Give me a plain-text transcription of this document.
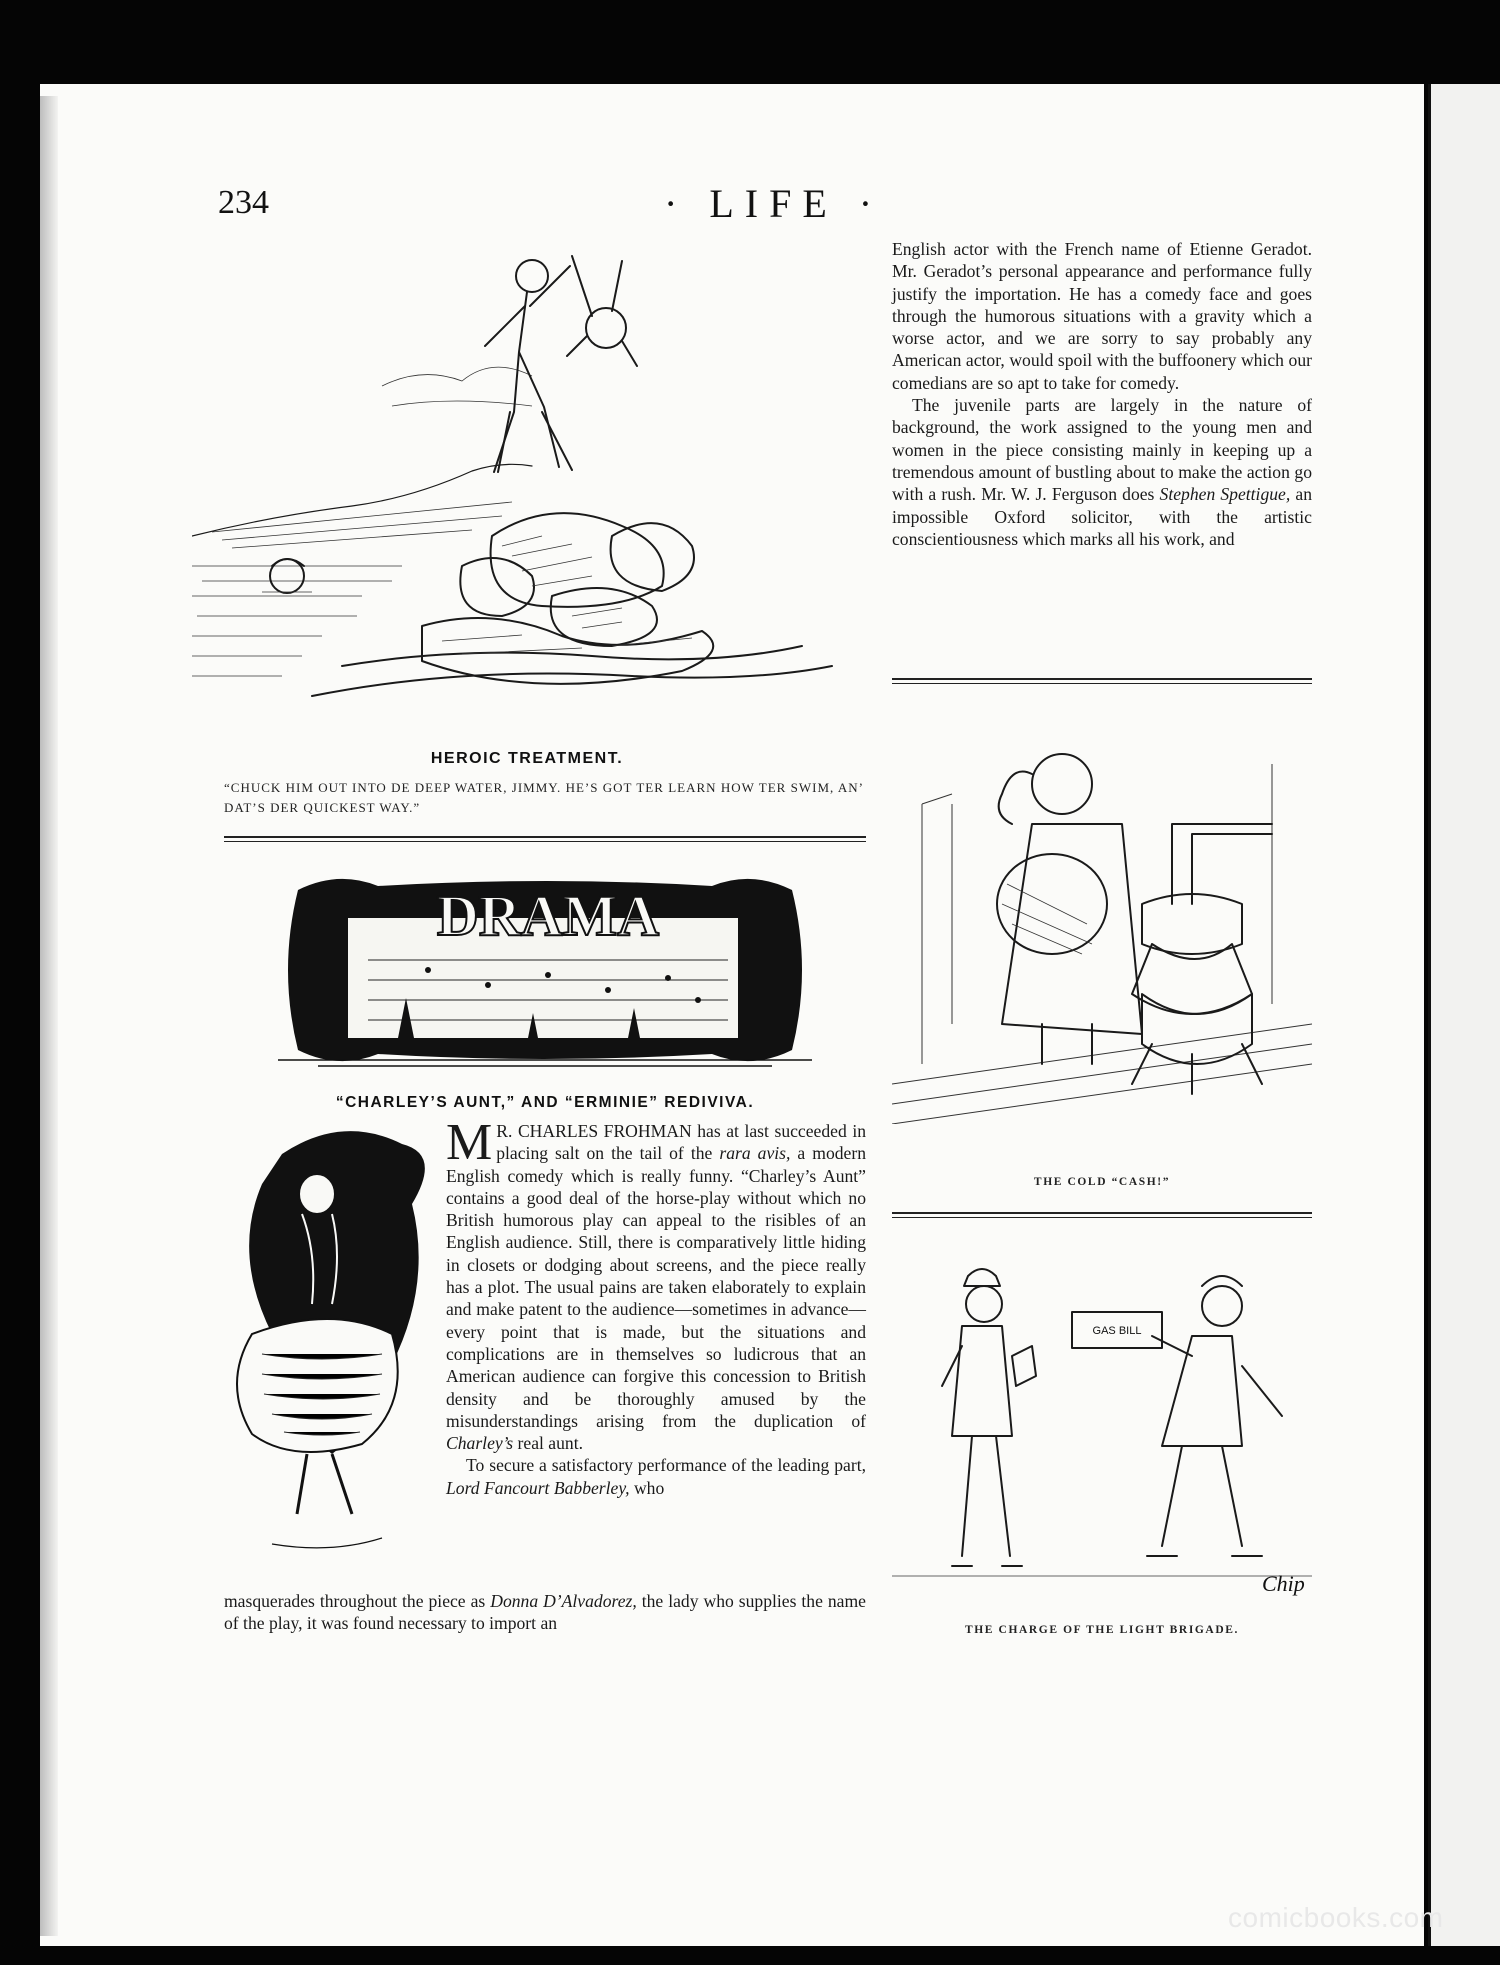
234	· LIFE ·
HEROIC TREATMENT.
“CHUCK HIM OUT INTO DE DEEP WATER, JIMMY. HE’S GOT TER LEARN HOW TER SWIM, AN’ DAT’S DER QUICKEST WAY.”
DRAMA
“CHARLEY’S AUNT,” AND “ERMINIE” REDIVIVA.

M R. CHARLES FROHMAN has at last succeeded in placing salt on the tail of the rara avis, a modern English comedy which is really funny. “Charley’s Aunt” contains a good deal of the horse-play without which no British humorous play can appeal to the risibles of an English audience. Still, there is comparatively little hiding in closets or dodging about screens, and the piece really has a plot. The usual pains are taken elaborately to explain and make patent to the audience—sometimes in advance—every point that is made, but the situations and complications are in themselves so ludicrous that an American audience can forgive this concession to British density and be thoroughly amused by the misunderstandings arising from the duplication of Charley’s real aunt.

To secure a satisfactory performance of the leading part, Lord Fancourt Babberley, who

masquerades throughout the piece as Donna D’Alvadorez, the lady who supplies the name of the play, it was found necessary to import an

English actor with the French name of Etienne Geradot. Mr. Geradot’s personal appearance and performance fully justify the importation. He has a comedy face and goes through the humorous situations with a gravity which a worse actor, and we are sorry to say probably any American actor, would spoil with the buffoonery which our comedians are so apt to take for comedy.

The juvenile parts are largely in the nature of background, the work assigned to the young men and women in the piece consisting mainly in keeping up a tremendous amount of bustling about to make the action go with a rush. Mr. W. J. Ferguson does Stephen Spettigue, an impossible Oxford solicitor, with the artistic conscientiousness which marks all his work, and

THE COLD “CASH!”
GAS BILL
Chip
THE CHARGE OF THE LIGHT BRIGADE.
comicbooks.com
